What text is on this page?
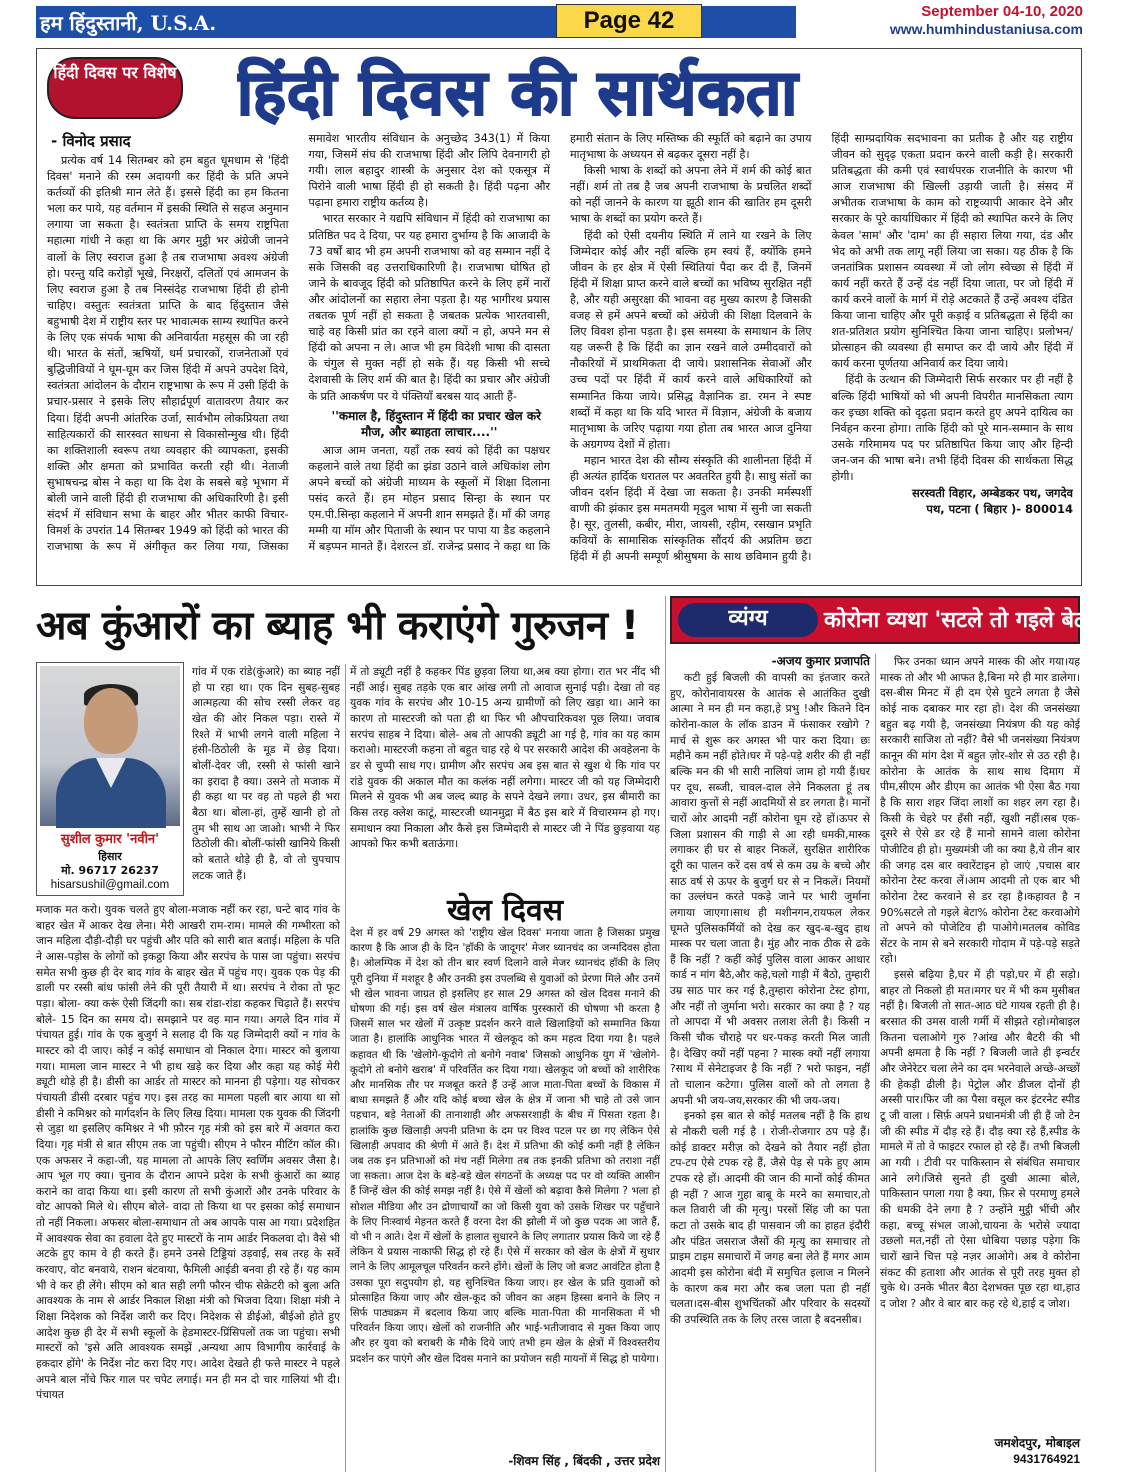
हम हिंदुस्तानी, U.S.A.	Page 42	September 04-10, 2020
www.humhindustaniusa.com
हिंदी दिवस पर विशेष हिंदी दिवस की सार्थकता
- विनोद प्रसाद

प्रत्येक वर्ष 14 सितम्बर को हम बहुत धूमधाम से 'हिंदी दिवस' मनाने की रस्म अदायगी कर हिंदी के प्रति अपने कर्तव्यों की इतिश्री मान लेते हैं। इससे हिंदी का हम कितना भला कर पाये, यह वर्तमान में इसकी स्थिति से सहज अनुमान लगाया जा सकता है। स्वतंत्रता प्राप्ति के समय राष्ट्रपिता महात्मा गांधी ने कहा था कि अगर मुट्ठी भर अंग्रेजी जानने वालों के लिए स्वराज हुआ है तब राजभाषा अवश्य अंग्रेजी हो। परन्तु यदि करोड़ों भूखे, निरक्षरों, दलितों एवं आमजन के लिए स्वराज हुआ है तब निस्संदेह राजभाषा हिंदी ही होनी चाहिए। वस्तुतः स्वतंत्रता प्राप्ति के बाद हिंदुस्तान जैसे बहुभाषी देश में राष्ट्रीय स्तर पर भावात्मक साम्य स्थापित करने के लिए एक संपर्क भाषा की अनिवार्यता महसूस की जा रही थी। भारत के संतों, ऋषियों, धर्म प्रचारकों, राजनेताओं एवं बुद्धिजीवियों ने घूम-घूम कर जिस हिंदी में अपने उपदेश दिये, स्वतंत्रता आंदोलन के दौरान राष्ट्रभाषा के रूप में उसी हिंदी के प्रचार-प्रसार ने इसके लिए सौहार्द्रपूर्ण वातावरण तैयार कर दिया। हिंदी अपनी आंतरिक उर्जा, सार्वभौम लोकप्रियता तथा साहित्यकारों की सारस्वत साधना से विकासोन्मुख थी। हिंदी का शक्तिशाली स्वरूप तथा व्यवहार की व्यापकता, इसकी शक्ति और क्षमता को प्रभावित करती रही थी। नेताजी सुभाषचन्द्र बोस ने कहा था कि देश के सबसे बड़े भूभाग में बोली जाने वाली हिंदी ही राजभाषा की अधिकारिणी है। इसी संदर्भ में संविधान सभा के बाहर और भीतर काफी विचार-विमर्श के उपरांत 14 सितम्बर 1949 को हिंदी को भारत की राजभाषा के रूप में अंगीकृत कर लिया गया, जिसका समावेश भारतीय संविधान के अनुच्छेद 343(1) में किया गया, जिसमें संघ की राजभाषा हिंदी और लिपि देवनागरी हो गयी। लाल बहादुर शास्त्री के अनुसार देश को एकसूत्र में पिरोने वाली भाषा हिंदी ही हो सकती है। हिंदी पढ़ना और पढ़ाना हमारा राष्ट्रीय कर्तव्य है।

भारत सरकार ने यद्यपि संविधान में हिंदी को राजभाषा का प्रतिष्ठित पद दे दिया, पर यह हमारा दुर्भाग्य है कि आजादी के 73 वर्षों बाद भी हम अपनी राजभाषा को वह सम्मान नहीं दे सके जिसकी वह उत्तराधिकारिणी है। राजभाषा घोषित हो जाने के बावजूद हिंदी को प्रतिष्ठापित करने के लिए हमें नारों और आंदोलनों का सहारा लेना पड़ता है। यह भागीरथ प्रयास तबतक पूर्ण नहीं हो सकता है जबतक प्रत्येक भारतवासी, चाहे वह किसी प्रांत का रहने वाला क्यों न हो, अपने मन से हिंदी को अपना न ले। आज भी हम विदेशी भाषा की दासता के चंगुल से मुक्त नहीं हो सके हैं। यह किसी भी सच्चे देशवासी के लिए शर्म की बात है। हिंदी का प्रचार और अंग्रेजी के प्रति आकर्षण पर ये पंक्तियाँ बरबस याद आती हैं-

''कमाल है, हिंदुस्तान में हिंदी का प्रचार खेल करे मौज, और ब्याहता लाचार....''

आज आम जनता, यहाँ तक स्वयं को हिंदी का पक्षधर कहलाने वाले तथा हिंदी का झंडा उठाने वाले अधिकांश लोग अपने बच्चों को अंग्रेजी माध्यम के स्कूलों में शिक्षा दिलाना पसंद करते हैं। हम मोहन प्रसाद सिन्हा के स्थान पर एम.पी.सिन्हा कहलाने में अपनी शान समझते हैं। माँ की जगह मम्मी या मॉम और पिताजी के स्थान पर पापा या डैड कहलाने में बड़प्पन मानते हैं। देशरत्न डॉ. राजेन्द्र प्रसाद ने कहा था कि हमारी संतान के लिए मस्तिष्क की स्फूर्ति को बढ़ाने का उपाय मातृभाषा के अध्ययन से बढ़कर दूसरा नहीं है।

किसी भाषा के शब्दों को अपना लेने में शर्म की कोई बात नहीं। शर्म तो तब है जब अपनी राजभाषा के प्रचलित शब्दों को नहीं जानने के कारण या झूठी शान की खातिर हम दूसरी भाषा के शब्दों का प्रयोग करते हैं।

हिंदी को ऐसी दयनीय स्थिति में लाने या रखने के लिए जिम्मेदार कोई और नहीं बल्कि हम स्वयं हैं, क्योंकि हमने जीवन के हर क्षेत्र में ऐसी स्थितियां पैदा कर दी हैं, जिनमें हिंदी में शिक्षा प्राप्त करने वाले बच्चों का भविष्य सुरक्षित नहीं है, और यही असुरक्षा की भावना वह मुख्य कारण है जिसकी वजह से हमें अपने बच्चों को अंग्रेजी की शिक्षा दिलवाने के लिए विवश होना पड़ता है। इस समस्या के समाधान के लिए यह जरूरी है कि हिंदी का ज्ञान रखने वाले उम्मीदवारों को नौकरियों में प्राथमिकता दी जाये। प्रशासनिक सेवाओं और उच्च पदों पर हिंदी में कार्य करने वाले अधिकारियों को सम्मानित किया जाये। प्रसिद्ध वैज्ञानिक डा. रमन ने स्पष्ट शब्दों में कहा था कि यदि भारत में विज्ञान, अंग्रेजी के बजाय मातृभाषा के जरिए पढ़ाया गया होता तब भारत आज दुनिया के अग्रगण्य देशों में होता।

महान भारत देश की सौम्य संस्कृति की शालीनता हिंदी में ही अत्यंत हार्दिक धरातल पर अवतरित हुयी है। साधु संतों का जीवन दर्शन हिंदी में देखा जा सकता है। उनकी मर्मस्पर्शी वाणी की झंकार इस ममतमयी मृदुल भाषा में सुनी जा सकती है। सूर, तुलसी, कबीर, मीरा, जायसी, रहीम, रसखान प्रभृति कवियों के सामासिक सांस्कृतिक सौंदर्य की अप्रतिम छटा हिंदी में ही अपनी सम्पूर्ण श्रीसुषमा के साथ छविमान हुयी है। हिंदी साम्प्रदायिक सदभावना का प्रतीक है और यह राष्ट्रीय जीवन को सुदृढ़ एकता प्रदान करने वाली कड़ी है। सरकारी प्रतिबद्धता की कमी एवं स्वार्थपरक राजनीति के कारण भी आज राजभाषा की खिल्ली उड़ायी जाती है। संसद में अभीतक राजभाषा के काम को राष्ट्रव्यापी आकार देने और सरकार के पूरे कार्याधिकार में हिंदी को स्थापित करने के लिए केवल 'साम' और 'दाम' का ही सहारा लिया गया, दंड और भेद को अभी तक लागू नहीं लिया जा सका। यह ठीक है कि जनतांत्रिक प्रशासन व्यवस्था में जो लोग स्वेच्छा से हिंदी में कार्य नहीं करते हैं उन्हें दंड नहीं दिया जाता, पर जो हिंदी में कार्य करने वालों के मार्ग में रोड़े अटकाते हैं उन्हें अवश्य दंडित किया जाना चाहिए और पूरी कड़ाई व प्रतिबद्धता से हिंदी का शत-प्रतिशत प्रयोग सुनिश्चित किया जाना चाहिए। प्रलोभन/प्रोत्साहन की व्यवस्था ही समाप्त कर दी जाये और हिंदी में कार्य करना पूर्णतया अनिवार्य कर दिया जाये।

हिंदी के उत्थान की जिम्मेदारी सिर्फ सरकार पर ही नहीं है बल्कि हिंदी भाषियों को भी अपनी विपरीत मानसिकता त्याग कर इच्छा शक्ति को दृढ़ता प्रदान करते हुए अपने दायित्व का निर्वहन करना होगा। ताकि हिंदी को पूरे मान-सम्मान के साथ उसके गरिमामय पद पर प्रतिष्ठापित किया जाए और हिन्दी जन-जन की भाषा बने। तभी हिंदी दिवस की सार्थकता सिद्ध होगी।

सरस्वती विहार, अम्बेडकर पथ, जगदेव

पथ, पटना ( बिहार )- 800014

अब कुंआरों का ब्याह भी कराएंगे गुरुजन !
सुशील कुमार 'नवीन'
हिसार
मो. 96717 26237
hisarsushil@gmail.com
गांव में एक रांडे(कुंआरे) का ब्याह नहीं हो पा रहा था। एक दिन सुबह-सुबह आत्महत्या की सोच रस्सी लेकर वह खेत की ओर निकल पड़ा। रास्ते में रिश्ते में भाभी लगने वाली महिला ने हंसी-ठिठोली के मूड में छेड़ दिया। बोलीं-देवर जी, रस्सी से फांसी खाने का इरादा है क्या। उसने तो मजाक में ही कहा था पर वह तो पहले ही भरा बैठा था। बोला-हां, तुम्हें खानी हो तो तुम भी साथ आ जाओ। भाभी ने फिर ठिठोली की। बोलीं-फांसी खानिये किसी को बताते थोड़े ही है, वो तो चुपचाप लटक जाते हैं।
में तो ड्यूटी नहीं है कहकर पिंड छुड़वा लिया था,अब क्या होगा। रात भर नींद भी नहीं आई। सुबह तड़के एक बार आंख लगी तो आवाज सुनाई पड़ी। देखा तो वह युवक गांव के सरपंच और 10-15 अन्य ग्रामीणों को लिए खड़ा था। आने का कारण तो मास्टरजी को पता ही था फिर भी औपचारिकवश पूछ लिया। जवाब सरपंच साहब ने दिया। बोले- अब तो आपकी ड्यूटी आ गई है, गांव का यह काम कराओ। मास्टरजी कहना तो बहुत चाह रहे थे पर सरकारी आदेश की अवहेलना के डर से चुप्पी साध गए। ग्रामीण और सरपंच अब इस बात से खुश थे कि गांव पर रांडे युवक की अकाल मौत का कलंक नहीं लगेगा। मास्टर जी को यह जिम्मेदारी मिलने से युवक भी अब जल्द ब्याह के सपने देखने लगा। उधर, इस बीमारी का किस तरह क्लेश काटूं, मास्टरजी ध्यानमुद्रा में बैठ इस बारे में विचारमग्न हो गए। समाधान क्या निकाला और कैसे इस जिम्मेदारी से मास्टर जी ने पिंड छुड़वाया यह आपको फिर कभी बताऊंगा।
मजाक मत करो। युवक चलते हुए बोला-मजाक नहीं कर रहा, घन्टे बाद गांव के बाहर खेत में आकर देख लेना। मेरी आखरी राम-राम। मामले की गम्भीरता को जान महिला दौड़ी-दौड़ी घर पहुंची और पति को सारी बात बताई। महिला के पति ने आस-पड़ोस के लोगों को इकठ्ठा किया और सरपंच के पास जा पहुंचा। सरपंच समेत सभी कुछ ही देर बाद गांव के बाहर खेत में पहुंच गए। युवक एक पेड़ की डाली पर रस्सी बांध फांसी लेने की पूरी तैयारी में था। सरपंच ने रोका तो फूट पड़ा। बोला- क्या करूं ऐसी जिंदगी का। सब रांडा-रांडा कहकर चिढ़ाते हैं। सरपंच बोले- 15 दिन का समय दो। समझाने पर वह मान गया। अगले दिन गांव में पंचायत हुई। गांव के एक बुजुर्ग ने सलाह दी कि यह जिम्मेदारी क्यों न गांव के मास्टर को दी जाए। कोई न कोई समाधान वो निकाल देगा। मास्टर को बुलाया गया। मामला जान मास्टर ने भी हाथ खड़े कर दिया और कहा यह कोई मेरी ड्यूटी थोड़े ही है। डीसी का आर्डर तो मास्टर को मानना ही पड़ेगा। यह सोचकर पंचायती डीसी दरबार पहुंच गए। इस तरह का मामला पहली बार आया था सो डीसी ने कमिश्नर को मार्गदर्शन के लिए लिख दिया। मामला एक युवक की जिंदगी से जुड़ा था इसलिए कमिश्नर ने भी फ़ौरन गृह मंत्री को इस बारे में अवगत करा दिया। गृह मंत्री से बात सीएम तक जा पहुंची। सीएम ने फौरन मीटिंग कॉल की। एक अफसर ने कहा-जी, यह मामला तो आपके लिए स्वर्णिम अवसर जैसा है। आप भूल गए क्या। चुनाव के दौरान आपने प्रदेश के सभी कुंआरों का ब्याह कराने का वादा किया था। इसी कारण तो सभी कुंआरों और उनके परिवार के वोट आपको मिले थे। सीएम बोले- वादा तो किया था पर इसका कोई समाधान तो नहीं निकला। अफसर बोला-समाधान तो अब आपके पास आ गया। प्रदेशहित में आवश्यक सेवा का हवाला देते हुए मास्टरों के नाम आर्डर निकलवा दो। वैसे भी अटके हुए काम वे ही करते हैं। हमने उनसे टिड्डियां उड़वाईं, सब तरह के सर्वे करवाए, वोट बनवाये, राशन बंटवाया, फैमिली आईडी बनवा ही रहे हैं। यह काम भी वे कर ही लेंगे। सीएम को बात सही लगी फौरन चीफ सेक्रेटरी को बुला अति आवश्यक के नाम से आर्डर निकाल शिक्षा मंत्री को भिजवा दिया। शिक्षा मंत्री ने शिक्षा निदेशक को निर्देश जारी कर दिए। निदेशक से डीईओ, बीईओ होते हुए आदेश कुछ ही देर में सभी स्कूलों के हेडमास्टर-प्रिंसिपलों तक जा पहुंचा। सभी मास्टरों को 'इसे अति आवश्यक समझें ,अन्यथा आप विभागीय कार्रवाई के हकदार होंगे' के निर्देश नोट करा दिए गए। आदेश देखते ही फत्ते मास्टर ने पहले अपने बाल नोंचे फिर गाल पर चपेट लगाई। मन ही मन दो चार गालियां भी दी। पंचायत
खेल दिवस
देश में हर वर्ष 29 अगस्त को 'राष्ट्रीय खेल दिवस' मनाया जाता है जिसका प्रमुख कारण है कि आज ही के दिन 'हॉकी के जादूगर' मेजर ध्यानचंद का जन्मदिवस होता है। ओलम्पिक में देश को तीन बार स्वर्ण दिलाने वाले मेजर ध्यानचंद हॉकी के लिए पूरी दुनिया में मशहूर है और उनकी इस उपलब्धि से युवाओं को प्रेरणा मिले और उनमें भी खेल भावना जाग्रत हो इसलिए हर साल 29 अगस्त को खेल दिवस मनाने की घोषणा की गई। इस वर्ष खेल मंत्रालय वार्षिक पुरस्कारों की घोषणा भी करता है जिसमें साल भर खेलों में उत्कृष्ट प्रदर्शन करने वाले खिलाड़ियों को सम्मानित किया जाता है। हालांकि आधुनिक भारत में खेलकूद को कम महत्व दिया गया है। पहले कहावत थी कि 'खेलोगे-कूदोगे तो बनोगे नवाब' जिसको आधुनिक युग में 'खेलोगे-कूदोगे तो बनोगे खराब' में परिवर्तित कर दिया गया। खेलकूद जो बच्चों को शारीरिक और मानसिक तौर पर मजबूत करते हैं उन्हें आज माता-पिता बच्चों के विकास में बाधा समझते हैं और यदि कोई बच्चा खेल के क्षेत्र में जाना भी चाहे तो उसे जान पहचान, बड़े नेताओं की तानाशाही और अफसरशाही के बीच में पिसता रहता है। हालांकि कुछ खिलाड़ी अपनी प्रतिभा के दम पर विश्व पटल पर छा गए लेकिन ऐसे खिलाड़ी अपवाद की श्रेणी में आते हैं। देश में प्रतिभा की कोई कमी नहीं है लेकिन जब तक इन प्रतिभाओं को मंच नहीं मिलेगा तब तक इनकी प्रतिभा को तराशा नहीं जा सकता। आज देश के बड़े-बड़े खेल संगठनों के अध्यक्ष पद पर वो व्यक्ति आसीन हैं जिन्हें खेल की कोई समझ नहीं है। ऐसे में खेलों को बढ़ावा कैसे मिलेगा ? भला हो सोशल मीडिया और उन द्रोणाचार्यों का जो किसी युवा को उसके शिखर पर पहुँचाने के लिए निःस्वार्थ मेहनत करते हैं वरना देश की झोली में जो कुछ पदक आ जाते हैं, वो भी न आते। देश में खेलों के हालात सुधारने के लिए लगातार प्रयास किये जा रहे हैं लेकिन ये प्रयास नाकाफी सिद्ध हो रहे हैं। ऐसे में सरकार को खेल के क्षेत्रों में सुधार लाने के लिए आमूलचूल परिवर्तन करने होंगे। खेलों के लिए जो बजट आवंटित होता है उसका पूरा सदुपयोग हो, यह सुनिश्चित किया जाए। हर खेल के प्रति युवाओं को प्रोत्साहित किया जाए और खेल-कूद को जीवन का अहम हिस्सा बनाने के लिए न सिर्फ पाठ्यक्रम में बदलाव किया जाए बल्कि माता-पिता की मानसिकता में भी परिवर्तन किया जाए। खेलों को राजनीति और भाई-भतीजावाद से मुक्त किया जाए और हर युवा को बराबरी के मौके दिये जाएं तभी हम खेल के क्षेत्रों में विश्वस्तरीय प्रदर्शन कर पाएंगे और खेल दिवस मनाने का प्रयोजन सही मायनों में सिद्ध हो पायेगा।
-शिवम सिंह , बिंदकी , उत्तर प्रदेश
व्यंग्य	कोरोना व्यथा 'सटले तो गइले बेटा'
-अजय कुमार प्रजापति

कटी हुई बिजली की वापसी का इंतजार करते हुए, कोरोनावायरस के आतंक से आतंकित दुखी आत्मा ने मन ही मन कहा,हे प्रभु !और कितने दिन कोरोना-काल के लॉक डाउन में फंसाकर रखोगे ?मार्च से शुरू कर अगस्त भी पार करा दिया। छः महीने कम नहीं होते।घर में पड़े-पड़े शरीर की ही नहीं बल्कि मन की भी सारी नालियां जाम हो गयी हैं।घर पर दूध, सब्जी, चावल-दाल लेने निकलता हूं तब आवारा कुत्तों से नहीं आदमियों से डर लगता है। मानों चारों ओर आदमी नहीं कोरोना घूम रहे हों।ऊपर से जिला प्रशासन की गाड़ी से आ रही धमकी,मास्क लगाकर ही घर से बाहर निकलें, सुरक्षित शारीरिक दूरी का पालन करें दस वर्ष से कम उम्र के बच्चे और साठ वर्ष से ऊपर के बुजुर्ग घर से न निकलें। नियमों का उल्लंघन करते पकड़े जाने पर भारी जुर्माना लगाया जाएगा।साथ ही मशीनगन,रायफल लेकर घूमते पुलिसकर्मियों को देख कर खुद-ब-खुद हाथ मास्क पर चला जाता है। मुंह और नाक ठीक से ढके हैं कि नहीं ? कहीं कोई पुलिस वाला आकर आधार कार्ड न मांग बैठे,और कहे,चलो गाड़ी में बैठो, तुम्हारी उम्र साठ पार कर गई है,तुम्हारा कोरोना टेस्ट होगा, और नहीं तो जुर्माना भरो। सरकार का क्या है ? यह तो आपदा में भी अवसर तलाश लेती है। किसी न किसी चौक चौराहे पर धर-पकड़ करती मिल जाती है। देखिए क्यों नहीं पहना ? मास्क क्यों नहीं लगाया ?साथ में सेनेटाइजर है कि नहीं ? भरो फाइन, नहीं तो चालान कटेगा। पुलिस वालों को तो लगता है अपनी भी जय-जय,सरकार की भी जय-जय।

इनको इस बात से कोई मतलब नहीं है कि हाथ से नौकरी चली गई है । रोजी-रोजगार ठप पड़े हैं। कोई डाक्टर मरीज़ को देखने को तैयार नहीं होता टप-टप ऐसे टपक रहे हैं, जैसे पेड़ से पके हुए आम टपक रहे हों। आदमी की जान की मानों कोई कीमत ही नहीं ? आज गुहा बाबू के मरने का समाचार,तो कल तिवारी जी की मृत्यु। परसों सिंह जी का पता कटा तो उसके बाद ही पासवान जी का हाहत इंदौरी और पंडित जसराज जैसों की मृत्यु का समाचार तो प्राइम टाइम समाचारों में जगह बना लेते हैं मगर आम आदमी इस कोरोना बंदी में समुचित इलाज न मिलने के कारण कब मरा और कब जला पता ही नहीं चलता।दस-बीस शुभचिंतकों और परिवार के सदस्यों की उपस्थिति तक के लिए तरस जाता है बदनसीब।

फिर उनका ध्यान अपने मास्क की ओर गया।यह मास्क तो और भी आफत है,बिना मरे ही मार डालेगा।दस-बीस मिनट में ही दम ऐसे घुटने लगता है जैसे कोई नाक दबाकर मार रहा हो। देश की जनसंख्या बहुत बढ़ गयी है, जनसंख्या नियंत्रण की यह कोई सरकारी साजिश तो नहीं? वैसे भी जनसंख्या नियंत्रण कानून की मांग देश में बहुत ज़ोर-शोर से उठ रही है।कोरोना के आतंक के साथ साथ दिमाग में पीम,सीएम और डीएम का आतंक भी ऐसा बैठ गया है कि सारा शहर जिंदा लाशों का शहर लग रहा है। किसी के चेहरे पर हँसी नहीं, खुशी नहीं।सब एक-दूसरे से ऐसे डर रहे हैं मानो सामने वाला कोरोना पोजीटिव ही हो। मुख्यमंत्री जी का क्या है,ये तीन बार की जगह दस बार क्वारेंटाइन हो जाएं ,पचास बार कोरोना टेस्ट करवा लें।आम आदमी तो एक बार भी कोरोना टेस्ट करवाने से डर रहा है।कहावत है न 90%सटले तो गइले बेटा% कोरोना टेस्ट करवाओगे तो अपने को पोजेटिव ही पाओगे।मतलब कोविड सेंटर के नाम से बने सरकारी गोदाम में पड़े-पड़े सड़ते रहो।

इससे बढ़िया है,घर में ही पड़ो,घर में ही सड़ो।बाहर तो निकलो ही मत।मगर घर में भी कम मुसीबत नहीं है। बिजली तो सात-आठ घंटे गायब रहती ही है। बरसात की उमस वाली गर्मी में सीझते रहो।मोबाइल कितना चलाओगे गुरु ?आंख और बैटरी की भी अपनी क्षमता है कि नहीं ? बिजली जाते ही इन्वर्टर और जेनेरेटर चला लेने का दम भरनेवाले अच्छे-अच्छों की हेकड़ी ढीली है। पेट्रोल और डीजल दोनों ही अस्सी पार।फिर जी का पैसा वसूल कर इंटरनेट स्पीड टू जी वाला । सिर्फ़ अपने प्रधानमंत्री जी ही हैं जो टेन जी की स्पीड में दौड़ रहे हैं। दौड़ क्या रहे हैं,स्पीड के मामले में तो वे फाइटर रफाल हो रहे हैं। तभी बिजली आ गयी । टीवी पर पाकिस्तान से संबंधित समाचार आने लगे।जिसे सुनते ही दुखी आत्मा बोले, पाकिस्तान पगला गया है क्या, फ़िर से परमाणु हमले की धमकी देने लगा है ? उन्होंने मुट्ठी भींची और कहा, बच्चू संभल जाओ,चायना के भरोसे ज्यादा उछलो मत,नहीं तो ऐसा धोबिया पछाड़ पड़ेगा कि चारों खाने चित्त पड़े नज़र आओगे। अब वे कोरोना संकट की हताशा और आतंक से पूरी तरह मुक्त हो चुके थे। उनके भीतर बैठा देशभक्त पूछ रहा था,हाउ द जोश ? और वे बार बार कह रहे थे,हाई द जोश।

जमशेदपुर, मोबाइल
9431764921
